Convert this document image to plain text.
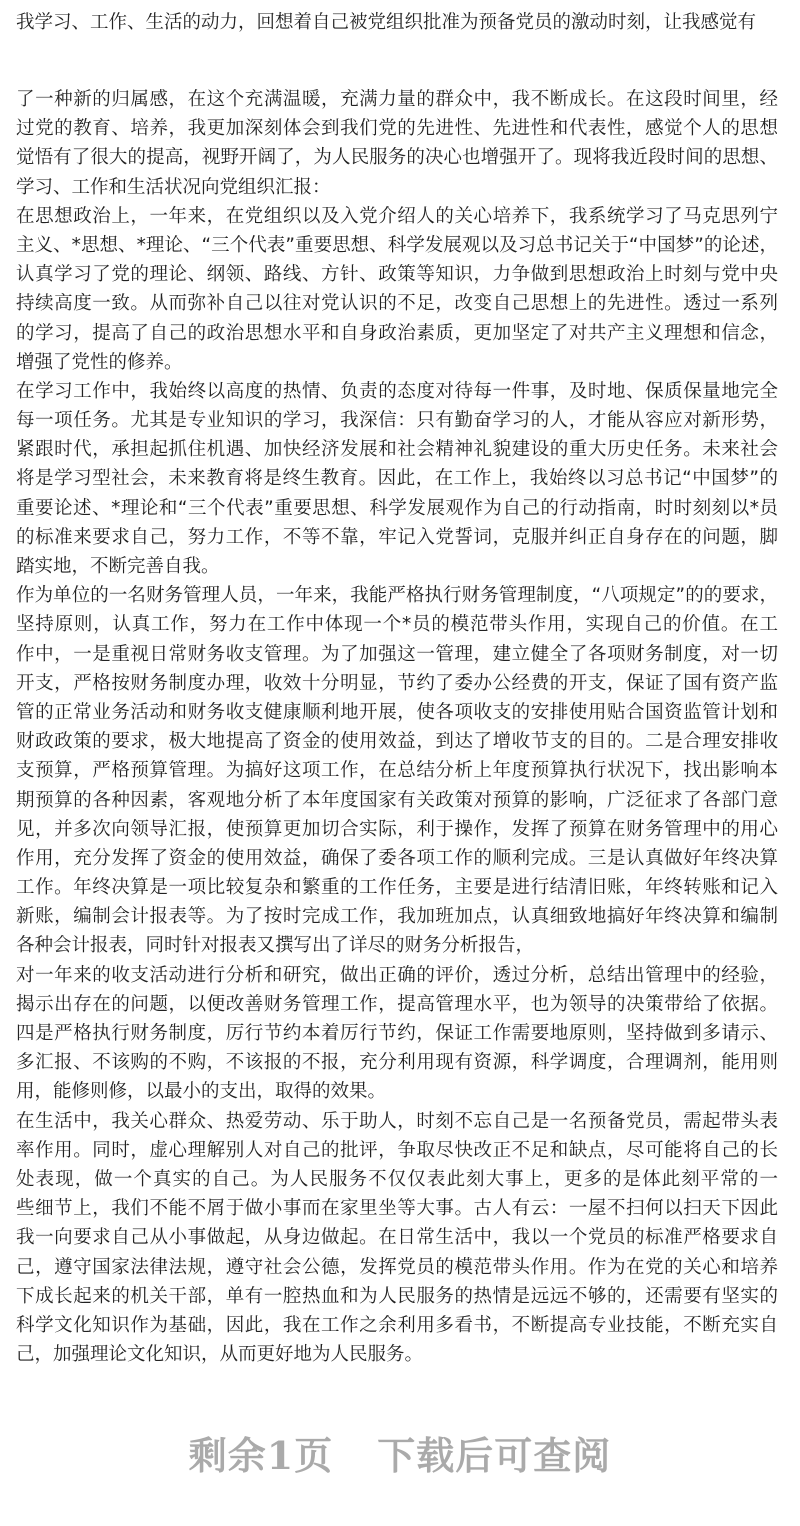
我学习、工作、生活的动力，回想着自己被党组织批准为预备党员的激动时刻，让我感觉有
了一种新的归属感，在这个充满温暖，充满力量的群众中，我不断成长。在这段时间里，经
过党的教育、培养，我更加深刻体会到我们党的先进性、先进性和代表性，感觉个人的思想
觉悟有了很大的提高，视野开阔了，为人民服务的决心也增强开了。现将我近段时间的思想、
学习、工作和生活状况向党组织汇报：
在思想政治上，一年来，在党组织以及入党介绍人的关心培养下，我系统学习了马克思列宁
主义、*思想、*理论、“三个代表”重要思想、科学发展观以及习总书记关于“中国梦”的论述，
认真学习了党的理论、纲领、路线、方针、政策等知识，力争做到思想政治上时刻与党中央
持续高度一致。从而弥补自己以往对党认识的不足，改变自己思想上的先进性。透过一系列
的学习，提高了自己的政治思想水平和自身政治素质，更加坚定了对共产主义理想和信念，
增强了党性的修养。
在学习工作中，我始终以高度的热情、负责的态度对待每一件事，及时地、保质保量地完全
每一项任务。尤其是专业知识的学习，我深信：只有勤奋学习的人，才能从容应对新形势，
紧跟时代，承担起抓住机遇、加快经济发展和社会精神礼貌建设的重大历史任务。未来社会
将是学习型社会，未来教育将是终生教育。因此，在工作上，我始终以习总书记“中国梦”的
重要论述、*理论和“三个代表”重要思想、科学发展观作为自己的行动指南，时时刻刻以*员
的标准来要求自己，努力工作，不等不靠，牢记入党誓词，克服并纠正自身存在的问题，脚
踏实地，不断完善自我。
作为单位的一名财务管理人员，一年来，我能严格执行财务管理制度，“八项规定”的的要求，
坚持原则，认真工作，努力在工作中体现一个*员的模范带头作用，实现自己的价值。在工
作中，一是重视日常财务收支管理。为了加强这一管理，建立健全了各项财务制度，对一切
开支，严格按财务制度办理，收效十分明显，节约了委办公经费的开支，保证了国有资产监
管的正常业务活动和财务收支健康顺利地开展，使各项收支的安排使用贴合国资监管计划和
财政政策的要求，极大地提高了资金的使用效益，到达了增收节支的目的。二是合理安排收
支预算，严格预算管理。为搞好这项工作，在总结分析上年度预算执行状况下，找出影响本
期预算的各种因素，客观地分析了本年度国家有关政策对预算的影响，广泛征求了各部门意
见，并多次向领导汇报，使预算更加切合实际，利于操作，发挥了预算在财务管理中的用心
作用，充分发挥了资金的使用效益，确保了委各项工作的顺利完成。三是认真做好年终决算
工作。年终决算是一项比较复杂和繁重的工作任务，主要是进行结清旧账，年终转账和记入
新账，编制会计报表等。为了按时完成工作，我加班加点，认真细致地搞好年终决算和编制
各种会计报表，同时针对报表又撰写出了详尽的财务分析报告，
对一年来的收支活动进行分析和研究，做出正确的评价，透过分析，总结出管理中的经验，
揭示出存在的问题，以便改善财务管理工作，提高管理水平，也为领导的决策带给了依据。
四是严格执行财务制度，厉行节约本着厉行节约，保证工作需要地原则，坚持做到多请示、
多汇报、不该购的不购，不该报的不报，充分利用现有资源，科学调度，合理调剂，能用则
用，能修则修，以最小的支出，取得的效果。
在生活中，我关心群众、热爱劳动、乐于助人，时刻不忘自己是一名预备党员，需起带头表
率作用。同时，虚心理解别人对自己的批评，争取尽快改正不足和缺点，尽可能将自己的长
处表现，做一个真实的自己。为人民服务不仅仅表此刻大事上，更多的是体此刻平常的一
些细节上，我们不能不屑于做小事而在家里坐等大事。古人有云：一屋不扫何以扫天下因此
我一向要求自己从小事做起，从身边做起。在日常生活中，我以一个党员的标准严格要求自
己，遵守国家法律法规，遵守社会公德，发挥党员的模范带头作用。作为在党的关心和培养
下成长起来的机关干部，单有一腔热血和为人民服务的热情是远远不够的，还需要有坚实的
科学文化知识作为基础，因此，我在工作之余利用多看书，不断提高专业技能，不断充实自
己，加强理论文化知识，从而更好地为人民服务。
剩余1页 下载后可查阅
